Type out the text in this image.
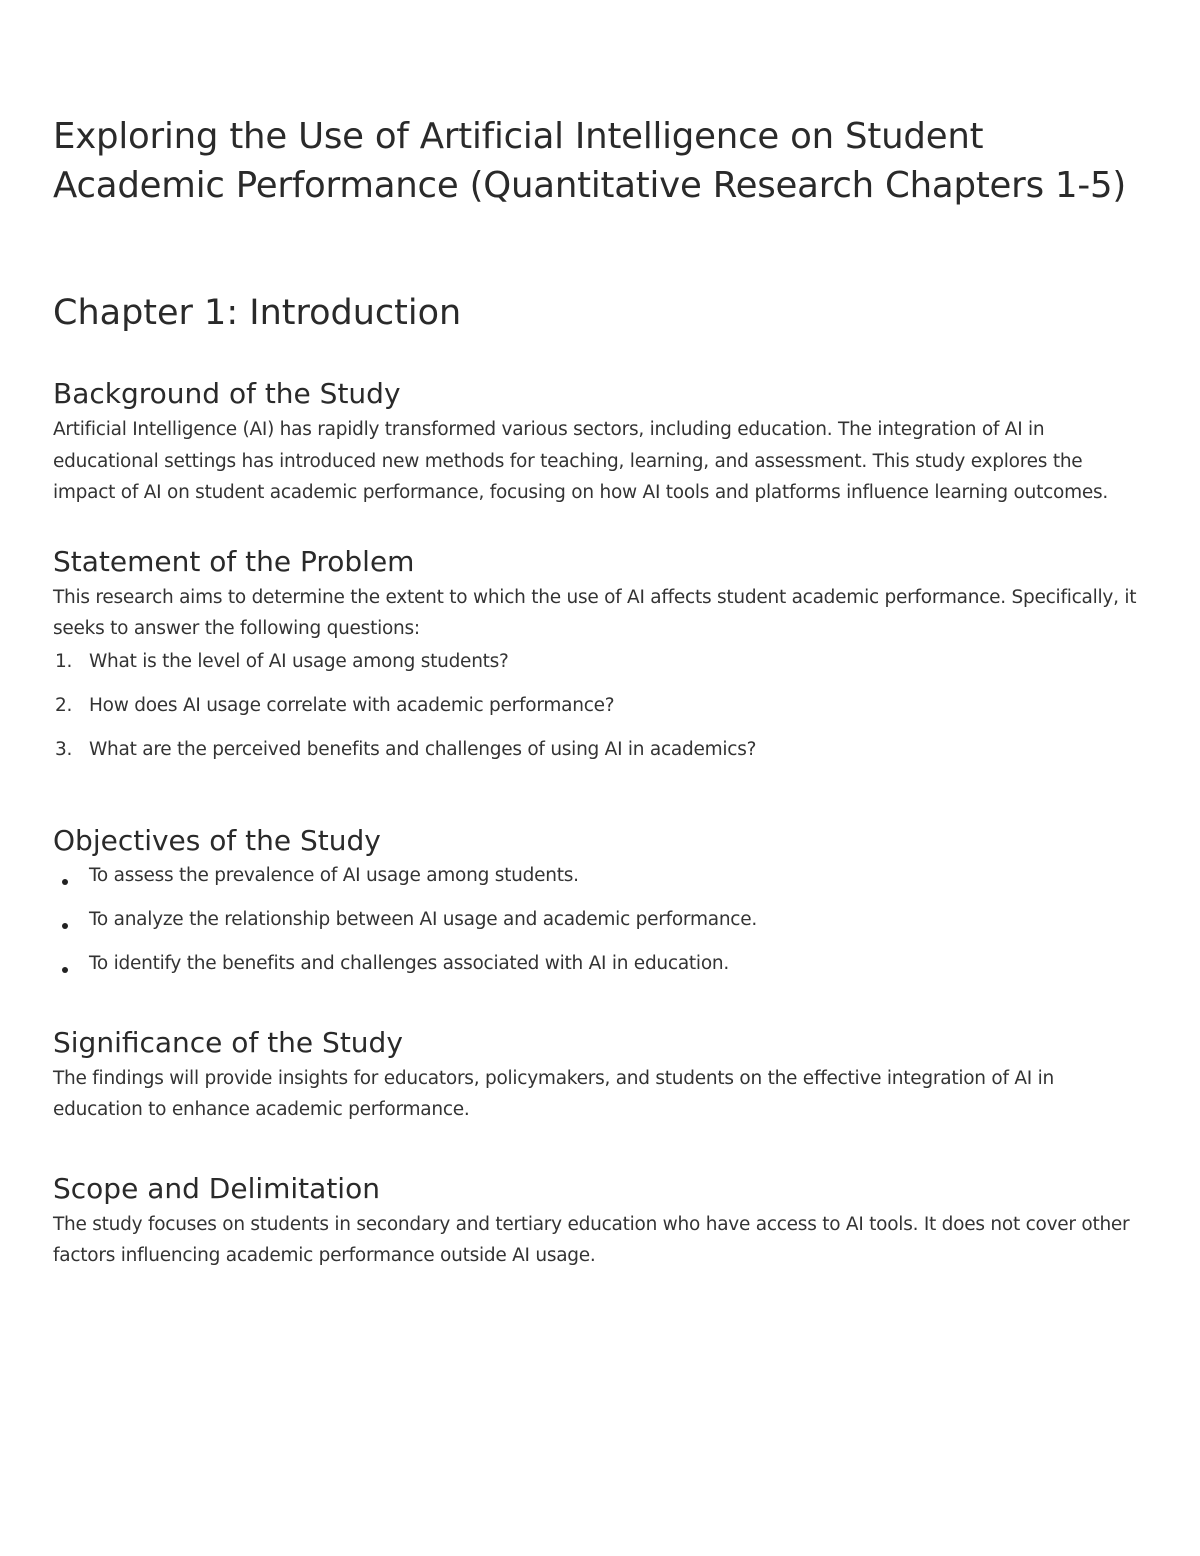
Exploring the Use of Artificial Intelligence on Student Academic Performance (Quantitative Research Chapters 1-5)
Chapter 1: Introduction
Background of the Study

Artificial Intelligence (AI) has rapidly transformed various sectors, including education. The integration of AI in educational settings has introduced new methods for teaching, learning, and assessment. This study explores the impact of AI on student academic performance, focusing on how AI tools and platforms influence learning outcomes.

Statement of the Problem

This research aims to determine the extent to which the use of AI affects student academic performance. Specifically, it seeks to answer the following questions:

1. What is the level of AI usage among students?
2. How does AI usage correlate with academic performance?
3. What are the perceived benefits and challenges of using AI in academics?
Objectives of the Study
To assess the prevalence of AI usage among students.
To analyze the relationship between AI usage and academic performance.
To identify the benefits and challenges associated with AI in education.
Significance of the Study

The findings will provide insights for educators, policymakers, and students on the effective integration of AI in education to enhance academic performance.

Scope and Delimitation

The study focuses on students in secondary and tertiary education who have access to AI tools. It does not cover other factors influencing academic performance outside AI usage.
